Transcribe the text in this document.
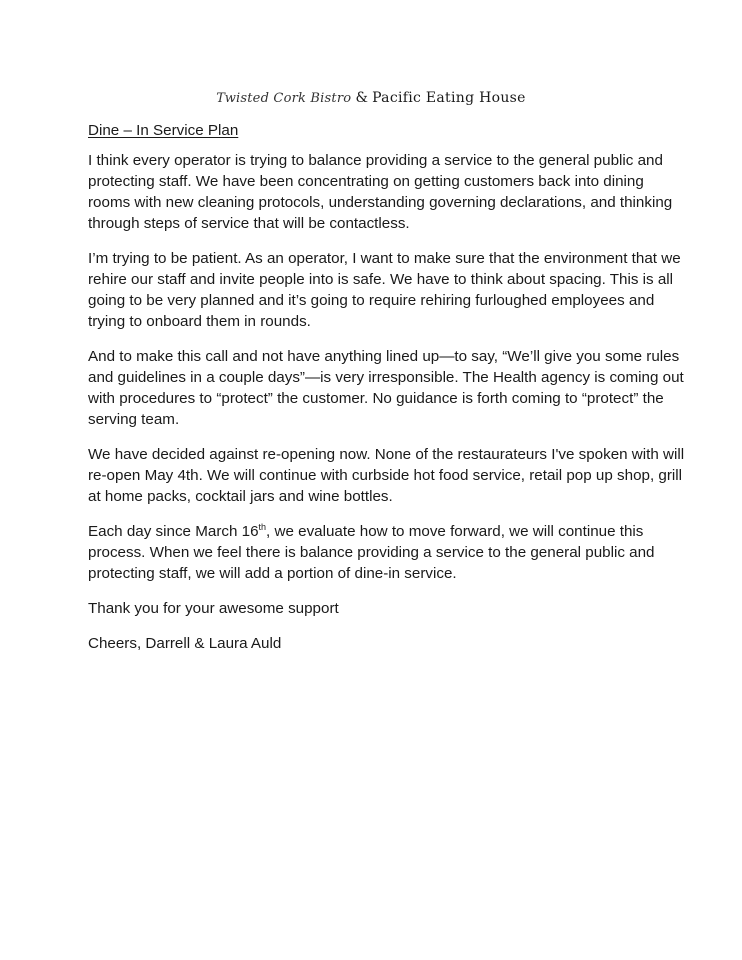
Twisted Cork Bistro & Pacific Eating House
Dine – In Service Plan

I think every operator is trying to balance providing a service to the general public and protecting staff. We have been concentrating on getting customers back into dining rooms with new cleaning protocols, understanding governing declarations, and thinking through steps of service that will be contactless.

I’m trying to be patient. As an operator, I want to make sure that the environment that we rehire our staff and invite people into is safe. We have to think about spacing. This is all going to be very planned and it’s going to require rehiring furloughed employees and trying to onboard them in rounds.

And to make this call and not have anything lined up—to say, “We’ll give you some rules and guidelines in a couple days”—is very irresponsible. The Health agency is coming out with procedures to “protect” the customer. No guidance is forth coming to “protect” the serving team.

We have decided against re-opening now. None of the restaurateurs I've spoken with will re-open May 4th. We will continue with curbside hot food service, retail pop up shop, grill at home packs, cocktail jars and wine bottles.

Each day since March 16th, we evaluate how to move forward, we will continue this process. When we feel there is balance providing a service to the general public and protecting staff, we will add a portion of dine-in service.

Thank you for your awesome support

Cheers, Darrell & Laura Auld
